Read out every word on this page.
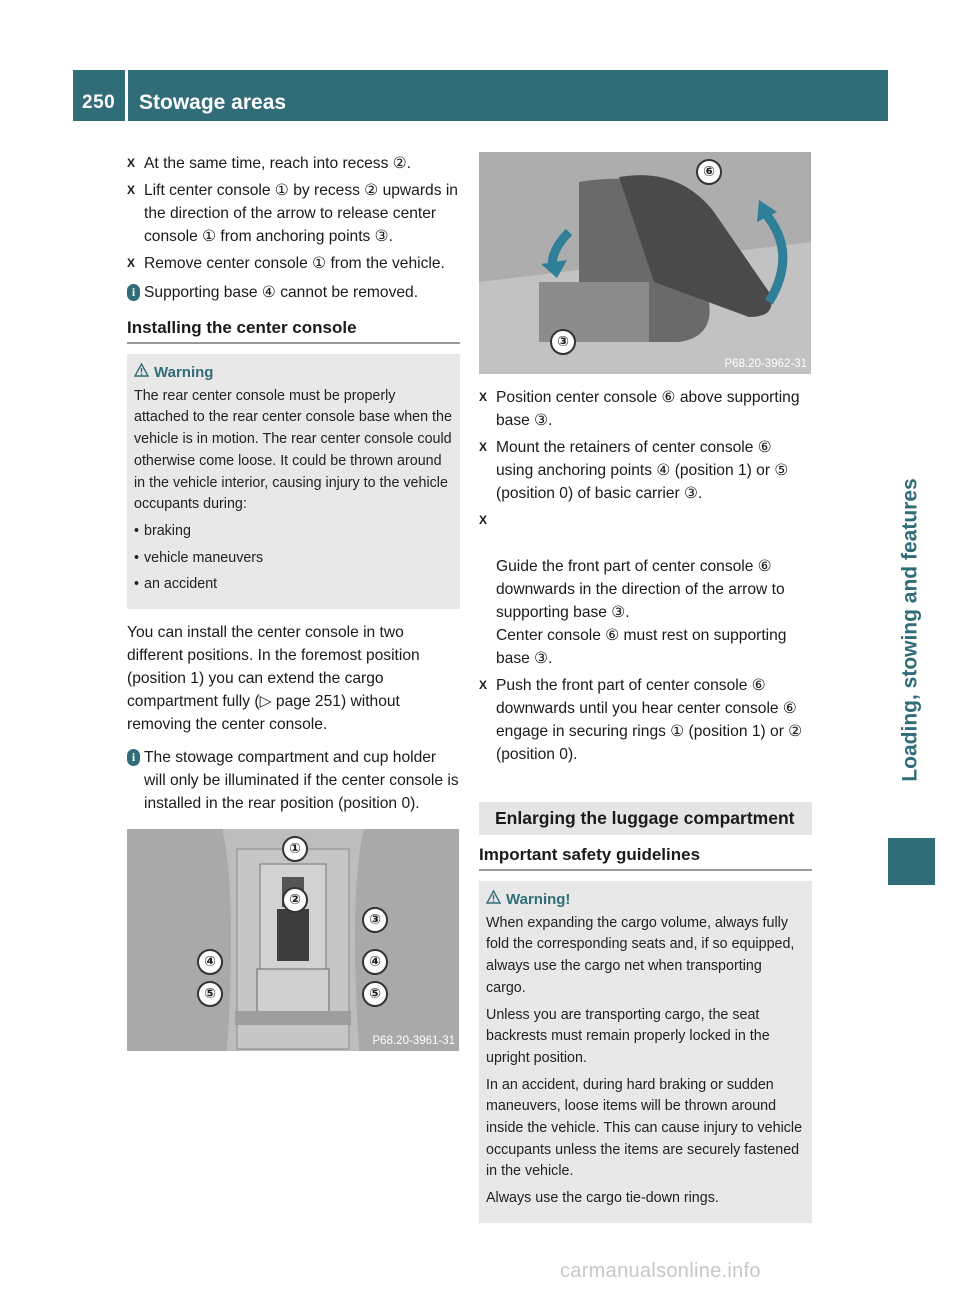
250 Stowage areas
Loading, stowing and features
X At the same time, reach into recess ②.
X Lift center console ① by recess ② upwards in the direction of the arrow to release center console ① from anchoring points ③.
X Remove center console ① from the vehicle.
i Supporting base ④ cannot be removed.
Installing the center console
Warning

The rear center console must be properly attached to the rear center console base when the vehicle is in motion. The rear center console could otherwise come loose. It could be thrown around in the vehicle interior, causing injury to the vehicle occupants during:

• braking

• vehicle maneuvers

• an accident

You can install the center console in two different positions. In the foremost position (position 1) you can extend the cargo compartment fully (▷ page 251) without removing the center console.

i The stowage compartment and cup holder will only be illuminated if the center console is installed in the rear position (position 0).
①
②
③
④	④
⑤	⑤
P68.20-3961-31
⑥
③
P68.20-3962-31
X Position center console ⑥ above supporting base ③.
X Mount the retainers of center console ⑥ using anchoring points ④ (position 1) or ⑤ (position 0) of basic carrier ③.

X

Guide the front part of center console ⑥ downwards in the direction of the arrow to supporting base ③.
Center console ⑥ must rest on supporting base ③.

X Push the front part of center console ⑥ downwards until you hear center console ⑥ engage in securing rings ① (position 1) or ② (position 0).
Enlarging the luggage compartment
Important safety guidelines
Warning!

When expanding the cargo volume, always fully fold the corresponding seats and, if so equipped, always use the cargo net when transporting cargo.

Unless you are transporting cargo, the seat backrests must remain properly locked in the upright position.

In an accident, during hard braking or sudden maneuvers, loose items will be thrown around inside the vehicle. This can cause injury to vehicle occupants unless the items are securely fastened in the vehicle.

Always use the cargo tie-down rings.

carmanualsonline.info
